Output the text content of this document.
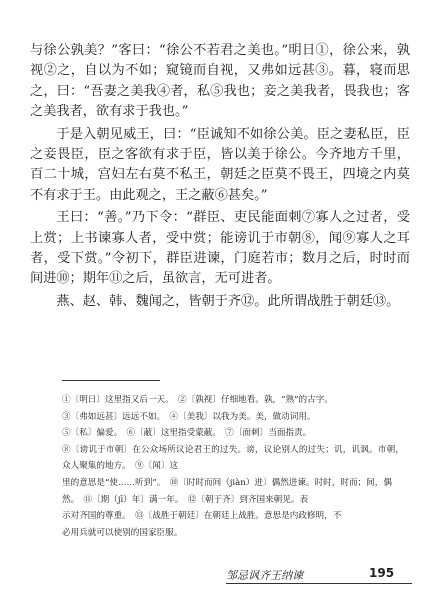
与徐公孰美？”客曰：“徐公不若君之美也。”明日①，徐公来，孰视②之，自以为不如；窥镜而自视，又弗如远甚③。暮，寝而思之，曰：“吾妻之美我④者，私⑤我也；妾之美我者，畏我也；客之美我者，欲有求于我也。”

于是入朝见威王，曰：“臣诚知不如徐公美。臣之妻私臣，臣之妾畏臣，臣之客欲有求于臣，皆以美于徐公。今齐地方千里，百二十城，宫妇左右莫不私王，朝廷之臣莫不畏王，四境之内莫不有求于王。由此观之，王之蔽⑥甚矣。”

王曰：“善。”乃下令：“群臣、吏民能面刺⑦寡人之过者，受上赏；上书谏寡人者，受中赏；能谤讥于市朝⑧，闻⑨寡人之耳者，受下赏。”令初下，群臣进谏，门庭若市；数月之后，时时而间进⑩；期年⑪之后，虽欲言，无可进者。

燕、赵、韩、魏闻之，皆朝于齐⑫。此所谓战胜于朝廷⑬。

①〔明日〕这里指又后一天。　②〔孰视〕仔细地看。孰，“熟”的古字。

③〔弗如远甚〕远远不如。　④〔美我〕以我为美。美，做动词用。

⑤〔私〕偏爱。　⑥〔蔽〕这里指受蒙蔽。　⑦〔面刺〕当面指责。

⑧〔谤讥于市朝〕在公众场所议论君王的过失。谤，议论别人的过失；讥，讥讽。市朝，众人聚集的地方。　⑨〔闻〕这

里的意思是“使……听到”。　⑩〔时时而间（jiàn）进〕偶然进谏。时时，时而；间，偶

然。　⑪〔期（jī）年〕满一年。　⑫〔朝于齐〕到齐国来朝见。表

示对齐国的尊重。　⑬〔战胜于朝廷〕在朝廷上战胜。意思是内政修明，不

必用兵就可以使别的国家臣服。

邹忌讽齐王纳谏	195
